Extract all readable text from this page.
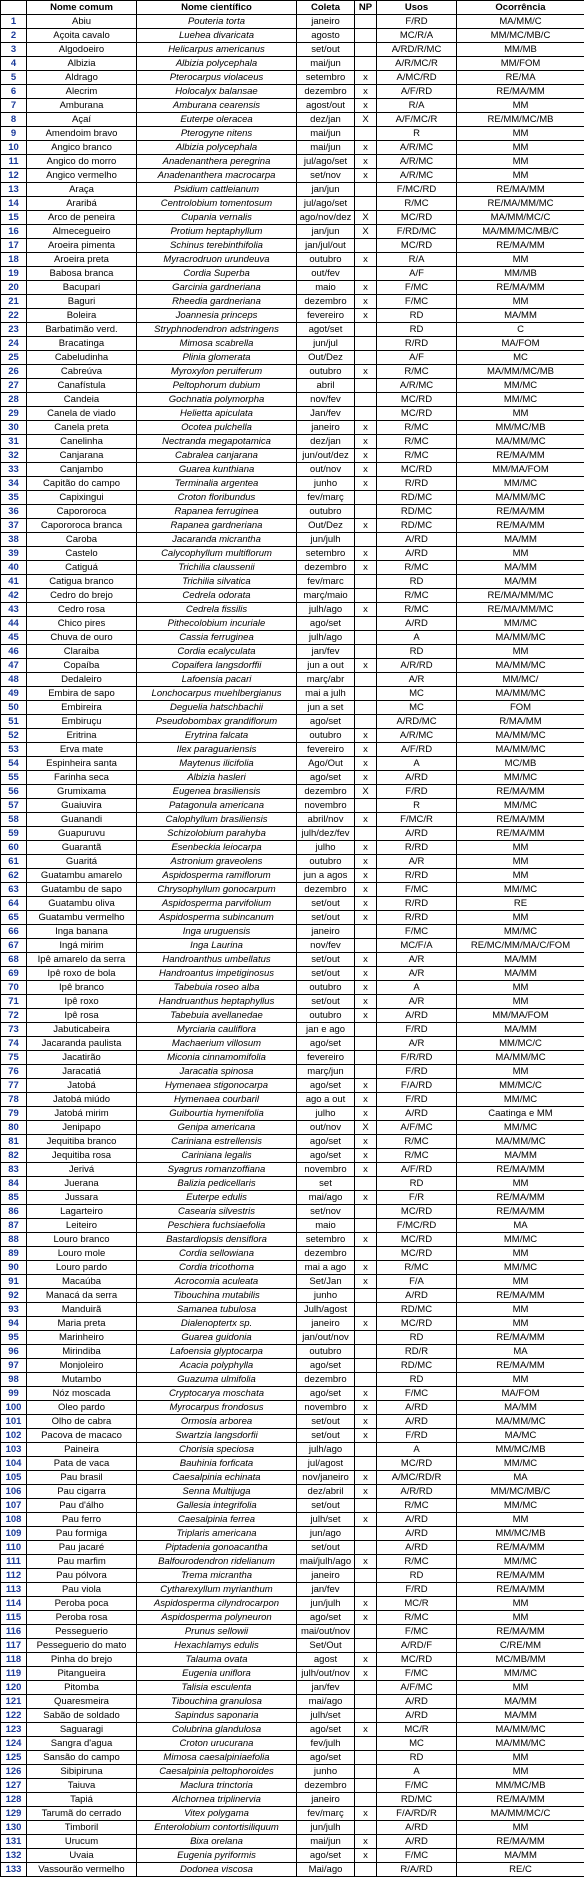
	Nome comum	Nome científico	Coleta	NP	Usos	Ocorrência
1	Abiu	Pouteria torta	janeiro		F/RD	MA/MM/C
2	Açoita cavalo	Luehea divaricata	agosto		MC/R/A	MM/MC/MB/C
3	Algodoeiro	Helicarpus americanus	set/out		A/RD/R/MC	MM/MB
4	Albizia	Albizia polycephala	mai/jun		A/R/MC/R	MM/FOM
5	Aldrago	Pterocarpus violaceus	setembro	x	A/MC/RD	RE/MA
6	Alecrim	Holocalyx balansae	dezembro	x	A/F/RD	RE/MA/MM
7	Amburana	Amburana cearensis	agost/out	x	R/A	MM
8	Açaí	Euterpe oleracea	dez/jan	X	A/F/MC/R	RE/MM/MC/MB
9	Amendoim bravo	Pterogyne nitens	mai/jun		R	MM
10	Angico branco	Albizia polycephala	mai/jun	x	A/R/MC	MM
11	Angico do morro	Anadenanthera peregrina	jul/ago/set	x	A/R/MC	MM
12	Angico vermelho	Anadenanthera macrocarpa	set/nov	x	A/R/MC	MM
13	Araça	Psidium cattleianum	jan/jun		F/MC/RD	RE/MA/MM
14	Araribá	Centrolobium tomentosum	jul/ago/set		R/MC	RE/MA/MM/MC
15	Arco de peneira	Cupania vernalis	ago/nov/dez	X	MC/RD	MA/MM/MC/C
16	Almecegueiro	Protium heptaphyllum	jan/jun	X	F/RD/MC	MA/MM/MC/MB/C
17	Aroeira pimenta	Schinus terebinthifolia	jan/jul/out		MC/RD	RE/MA/MM
18	Aroeira preta	Myracrodruon urundeuva	outubro	x	R/A	MM
19	Babosa branca	Cordia Superba	out/fev		A/F	MM/MB
20	Bacupari	Garcinia gardneriana	maio	x	F/MC	RE/MA/MM
21	Baguri	Rheedia gardneriana	dezembro	x	F/MC	MM
22	Boleira	Joannesia princeps	fevereiro	x	RD	MA/MM
23	Barbatimão verd.	Stryphnodendron adstringens	agot/set		RD	C
24	Bracatinga	Mimosa scabrella	jun/jul		R/RD	MA/FOM
25	Cabeludinha	Plinia glomerata	Out/Dez		A/F	MC
26	Cabreúva	Myroxylon peruiferum	outubro	x	R/MC	MA/MM/MC/MB
27	Canafístula	Peltophorum dubium	abril		A/R/MC	MM/MC
28	Candeia	Gochnatia polymorpha	nov/fev		MC/RD	MM/MC
29	Canela de viado	Helietta apiculata	Jan/fev		MC/RD	MM
30	Canela preta	Ocotea pulchella	janeiro	x	R/MC	MM/MC/MB
31	Canelinha	Nectranda megapotamica	dez/jan	x	R/MC	MA/MM/MC
32	Canjarana	Cabralea canjarana	jun/out/dez	x	R/MC	RE/MA/MM
33	Canjambo	Guarea kunthiana	out/nov	x	MC/RD	MM/MA/FOM
34	Capitão do campo	Terminalia argentea	junho	x	R/RD	MM/MC
35	Capixingui	Croton floribundus	fev/març		RD/MC	MA/MM/MC
36	Capororoca	Rapanea ferruginea	outubro		RD/MC	RE/MA/MM
37	Capororoca branca	Rapanea gardneriana	Out/Dez	x	RD/MC	RE/MA/MM
38	Caroba	Jacaranda micrantha	jun/julh		A/RD	MA/MM
39	Castelo	Calycophyllum multiflorum	setembro	x	A/RD	MM
40	Catiguá	Trichilia claussenii	dezembro	x	R/MC	MA/MM
41	Catigua branco	Trichilia silvatica	fev/marc		RD	MA/MM
42	Cedro do brejo	Cedrela odorata	març/maio		R/MC	RE/MA/MM/MC
43	Cedro rosa	Cedrela fissilis	julh/ago	x	R/MC	RE/MA/MM/MC
44	Chico pires	Pithecolobium incuriale	ago/set		A/RD	MM/MC
45	Chuva de ouro	Cassia ferruginea	julh/ago		A	MA/MM/MC
46	Claraiba	Cordia ecalyculata	jan/fev		RD	MM
47	Copaíba	Copaifera langsdorffii	jun a out	x	A/R/RD	MA/MM/MC
48	Dedaleiro	Lafoensia pacari	març/abr		A/R	MM/MC/
49	Embira de sapo	Lonchocarpus muehlbergianus	mai a julh		MC	MA/MM/MC
50	Embireira	Deguelia hatschbachii	jun a set		MC	FOM
51	Embiruçu	Pseudobombax grandiflorum	ago/set		A/RD/MC	R/MA/MM
52	Eritrina	Erytrina falcata	outubro	x	A/R/MC	MA/MM/MC
53	Erva mate	Ilex paraguariensis	fevereiro	x	A/F/RD	MA/MM/MC
54	Espinheira santa	Maytenus ilicifolia	Ago/Out	x	A	MC/MB
55	Farinha seca	Albizia hasleri	ago/set	x	A/RD	MM/MC
56	Grumixama	Eugenea brasiliensis	dezembro	X	F/RD	RE/MA/MM
57	Guaiuvira	Patagonula americana	novembro		R	MM/MC
58	Guanandi	Calophyllum brasiliensis	abril/nov	x	F/MC/R	RE/MA/MM
59	Guapuruvu	Schizolobium parahyba	julh/dez/fev		A/RD	RE/MA/MM
60	Guarantã	Esenbeckia leiocarpa	julho	x	R/RD	MM
61	Guaritá	Astronium graveolens	outubro	x	A/R	MM
62	Guatambu amarelo	Aspidosperma ramiflorum	jun a agos	x	R/RD	MM
63	Guatambu de sapo	Chrysophyllum gonocarpum	dezembro	x	F/MC	MM/MC
64	Guatambu oliva	Aspidosperma parvifolium	set/out	x	R/RD	RE
65	Guatambu vermelho	Aspidosperma subincanum	set/out	x	R/RD	MM
66	Inga banana	Inga uruguensis	janeiro		F/MC	MM/MC
67	Ingá mirim	Inga Laurina	nov/fev		MC/F/A	RE/MC/MM/MA/C/FOM
68	Ipê amarelo da serra	Handroanthus umbellatus	set/out	x	A/R	MA/MM
69	Ipê roxo de bola	Handroantus impetiginosus	set/out	x	A/R	MA/MM
70	Ipê branco	Tabebuia roseo alba	outubro	x	A	MM
71	Ipê roxo	Handruanthus heptaphyllus	set/out	x	A/R	MM
72	Ipê rosa	Tabebuia avellanedae	outubro	x	A/RD	MM/MA/FOM
73	Jabuticabeira	Myrciaria cauliflora	jan e ago		F/RD	MA/MM
74	Jacaranda paulista	Machaerium villosum	ago/set		A/R	MM/MC/C
75	Jacatirão	Miconia cinnamomifolia	fevereiro		F/R/RD	MA/MM/MC
76	Jaracatiá	Jaracatia spinosa	març/jun		F/RD	MM
77	Jatobá	Hymenaea stigonocarpa	ago/set	x	F/A/RD	MM/MC/C
78	Jatobá miúdo	Hymenaea courbaril	ago a out	x	F/RD	MM/MC
79	Jatobá mirim	Guibourtia hymenifolia	julho	x	A/RD	Caatinga e MM
80	Jenipapo	Genipa americana	out/nov	X	A/F/MC	MM/MC
81	Jequitiba branco	Cariniana estrellensis	ago/set	x	R/MC	MA/MM/MC
82	Jequitiba rosa	Cariniana legalis	ago/set	x	R/MC	MA/MM
83	Jerivá	Syagrus romanzoffiana	novembro	x	A/F/RD	RE/MA/MM
84	Juerana	Balizia pedicellaris	set		RD	MM
85	Jussara	Euterpe edulis	mai/ago	x	F/R	RE/MA/MM
86	Lagarteiro	Casearia silvestris	set/nov		MC/RD	RE/MA/MM
87	Leiteiro	Peschiera fuchsiaefolia	maio		F/MC/RD	MA
88	Louro branco	Bastardiopsis densiflora	setembro	x	MC/RD	MM/MC
89	Louro mole	Cordia sellowiana	dezembro		MC/RD	MM
90	Louro pardo	Cordia tricothoma	mai a ago	x	R/MC	MM/MC
91	Macaúba	Acrocomia aculeata	Set/Jan	x	F/A	MM
92	Manacá da serra	Tibouchina mutabilis	junho		A/RD	RE/MA/MM
93	Manduirã	Samanea tubulosa	Julh/agost		RD/MC	MM
94	Maria preta	Dialenoptertx sp.	janeiro	x	MC/RD	MM
95	Marinheiro	Guarea guidonia	jan/out/nov		RD	RE/MA/MM
96	Mirindiba	Lafoensia glyptocarpa	outubro		RD/R	MA
97	Monjoleiro	Acacia polyphylla	ago/set		RD/MC	RE/MA/MM
98	Mutambo	Guazuma ulmifolia	dezembro		RD	MM
99	Nóz moscada	Cryptocarya moschata	ago/set	x	F/MC	MA/FOM
100	Oleo pardo	Myrocarpus frondosus	novembro	x	A/RD	MA/MM
101	Olho de cabra	Ormosia arborea	set/out	x	A/RD	MA/MM/MC
102	Pacova de macaco	Swartzia langsdorfii	set/out	x	F/RD	MA/MC
103	Paineira	Chorisia speciosa	julh/ago		A	MM/MC/MB
104	Pata de vaca	Bauhinia forficata	jul/agost		MC/RD	MM/MC
105	Pau brasil	Caesalpinia echinata	nov/janeiro	x	A/MC/RD/R	MA
106	Pau cigarra	Senna Multijuga	dez/abril	x	A/R/RD	MM/MC/MB/C
107	Pau d'álho	Gallesia integrifolia	set/out		R/MC	MM/MC
108	Pau ferro	Caesalpinia ferrea	julh/set	x	A/RD	MM
109	Pau formiga	Triplaris americana	jun/ago		A/RD	MM/MC/MB
110	Pau jacaré	Piptadenia gonoacantha	set/out		A/RD	RE/MA/MM
111	Pau marfim	Balfourodendron ridelianum	mai/julh/ago	x	R/MC	MM/MC
112	Pau pólvora	Trema micrantha	janeiro		RD	RE/MA/MM
113	Pau viola	Cytharexyllum myrianthum	jan/fev		F/RD	RE/MA/MM
114	Peroba poca	Aspidosperma cilyndrocarpon	jun/julh	x	MC/R	MM
115	Peroba rosa	Aspidosperma polyneuron	ago/set	x	R/MC	MM
116	Pesseguerio	Prunus sellowii	mai/out/nov		F/MC	RE/MA/MM
117	Pesseguerio do mato	Hexachlamys edulis	Set/Out		A/RD/F	C/RE/MM
118	Pinha do brejo	Talauma ovata	agost	x	MC/RD	MC/MB/MM
119	Pitangueira	Eugenia uniflora	julh/out/nov	x	F/MC	MM/MC
120	Pitomba	Talisia esculenta	jan/fev		A/F/MC	MM
121	Quaresmeira	Tibouchina granulosa	mai/ago		A/RD	MA/MM
122	Sabão de soldado	Sapindus saponaria	julh/set		A/RD	MA/MM
123	Saguaragi	Colubrina glandulosa	ago/set	x	MC/R	MA/MM/MC
124	Sangra d'agua	Croton urucurana	fev/julh		MC	MA/MM/MC
125	Sansão do campo	Mimosa caesalpiniaefolia	ago/set		RD	MM
126	Sibipiruna	Caesalpinia peltophoroides	junho		A	MM
127	Taiuva	Maclura trinctoria	dezembro		F/MC	MM/MC/MB
128	Tapiá	Alchornea triplinervia	janeiro		RD/MC	RE/MA/MM
129	Tarumã do cerrado	Vitex polygama	fev/març	x	F/A/RD/R	MA/MM/MC/C
130	Timboril	Enterolobium contortisiliquum	jun/julh		A/RD	MM
131	Urucum	Bixa orelana	mai/jun	x	A/RD	RE/MA/MM
132	Uvaia	Eugenia pyriformis	ago/set	x	F/MC	MA/MM
133	Vassourão vermelho	Dodonea viscosa	Mai/ago		R/A/RD	RE/C
